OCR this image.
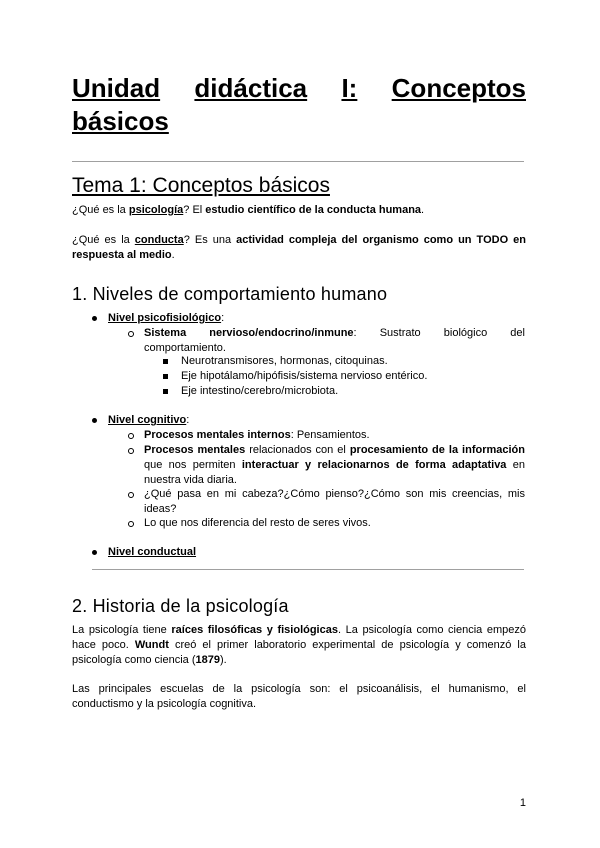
Unidad didáctica I: Conceptos
básicos
Tema 1: Conceptos básicos

¿Qué es la psicología? El estudio científico de la conducta humana.

¿Qué es la conducta? Es una actividad compleja del organismo como un TODO en respuesta al medio.

1. Niveles de comportamiento humano
Nivel psicofisiológico:
Sistema nervioso/endocrino/inmune: Sustrato biológico del comportamiento.
Neurotransmisores, hormonas, citoquinas.
Eje hipotálamo/hipófisis/sistema nervioso entérico.
Eje intestino/cerebro/microbiota.
Nivel cognitivo:
Procesos mentales internos: Pensamientos.
Procesos mentales relacionados con el procesamiento de la información que nos permiten interactuar y relacionarnos de forma adaptativa en nuestra vida diaria.
¿Qué pasa en mi cabeza?¿Cómo pienso?¿Cómo son mis creencias, mis ideas?
Lo que nos diferencia del resto de seres vivos.
Nivel conductual
2. Historia de la psicología

La psicología tiene raíces filosóficas y fisiológicas. La psicología como ciencia empezó hace poco. Wundt creó el primer laboratorio experimental de psicología y comenzó la psicología como ciencia (1879).

Las principales escuelas de la psicología son: el psicoanálisis, el humanismo, el conductismo y la psicología cognitiva.

1
